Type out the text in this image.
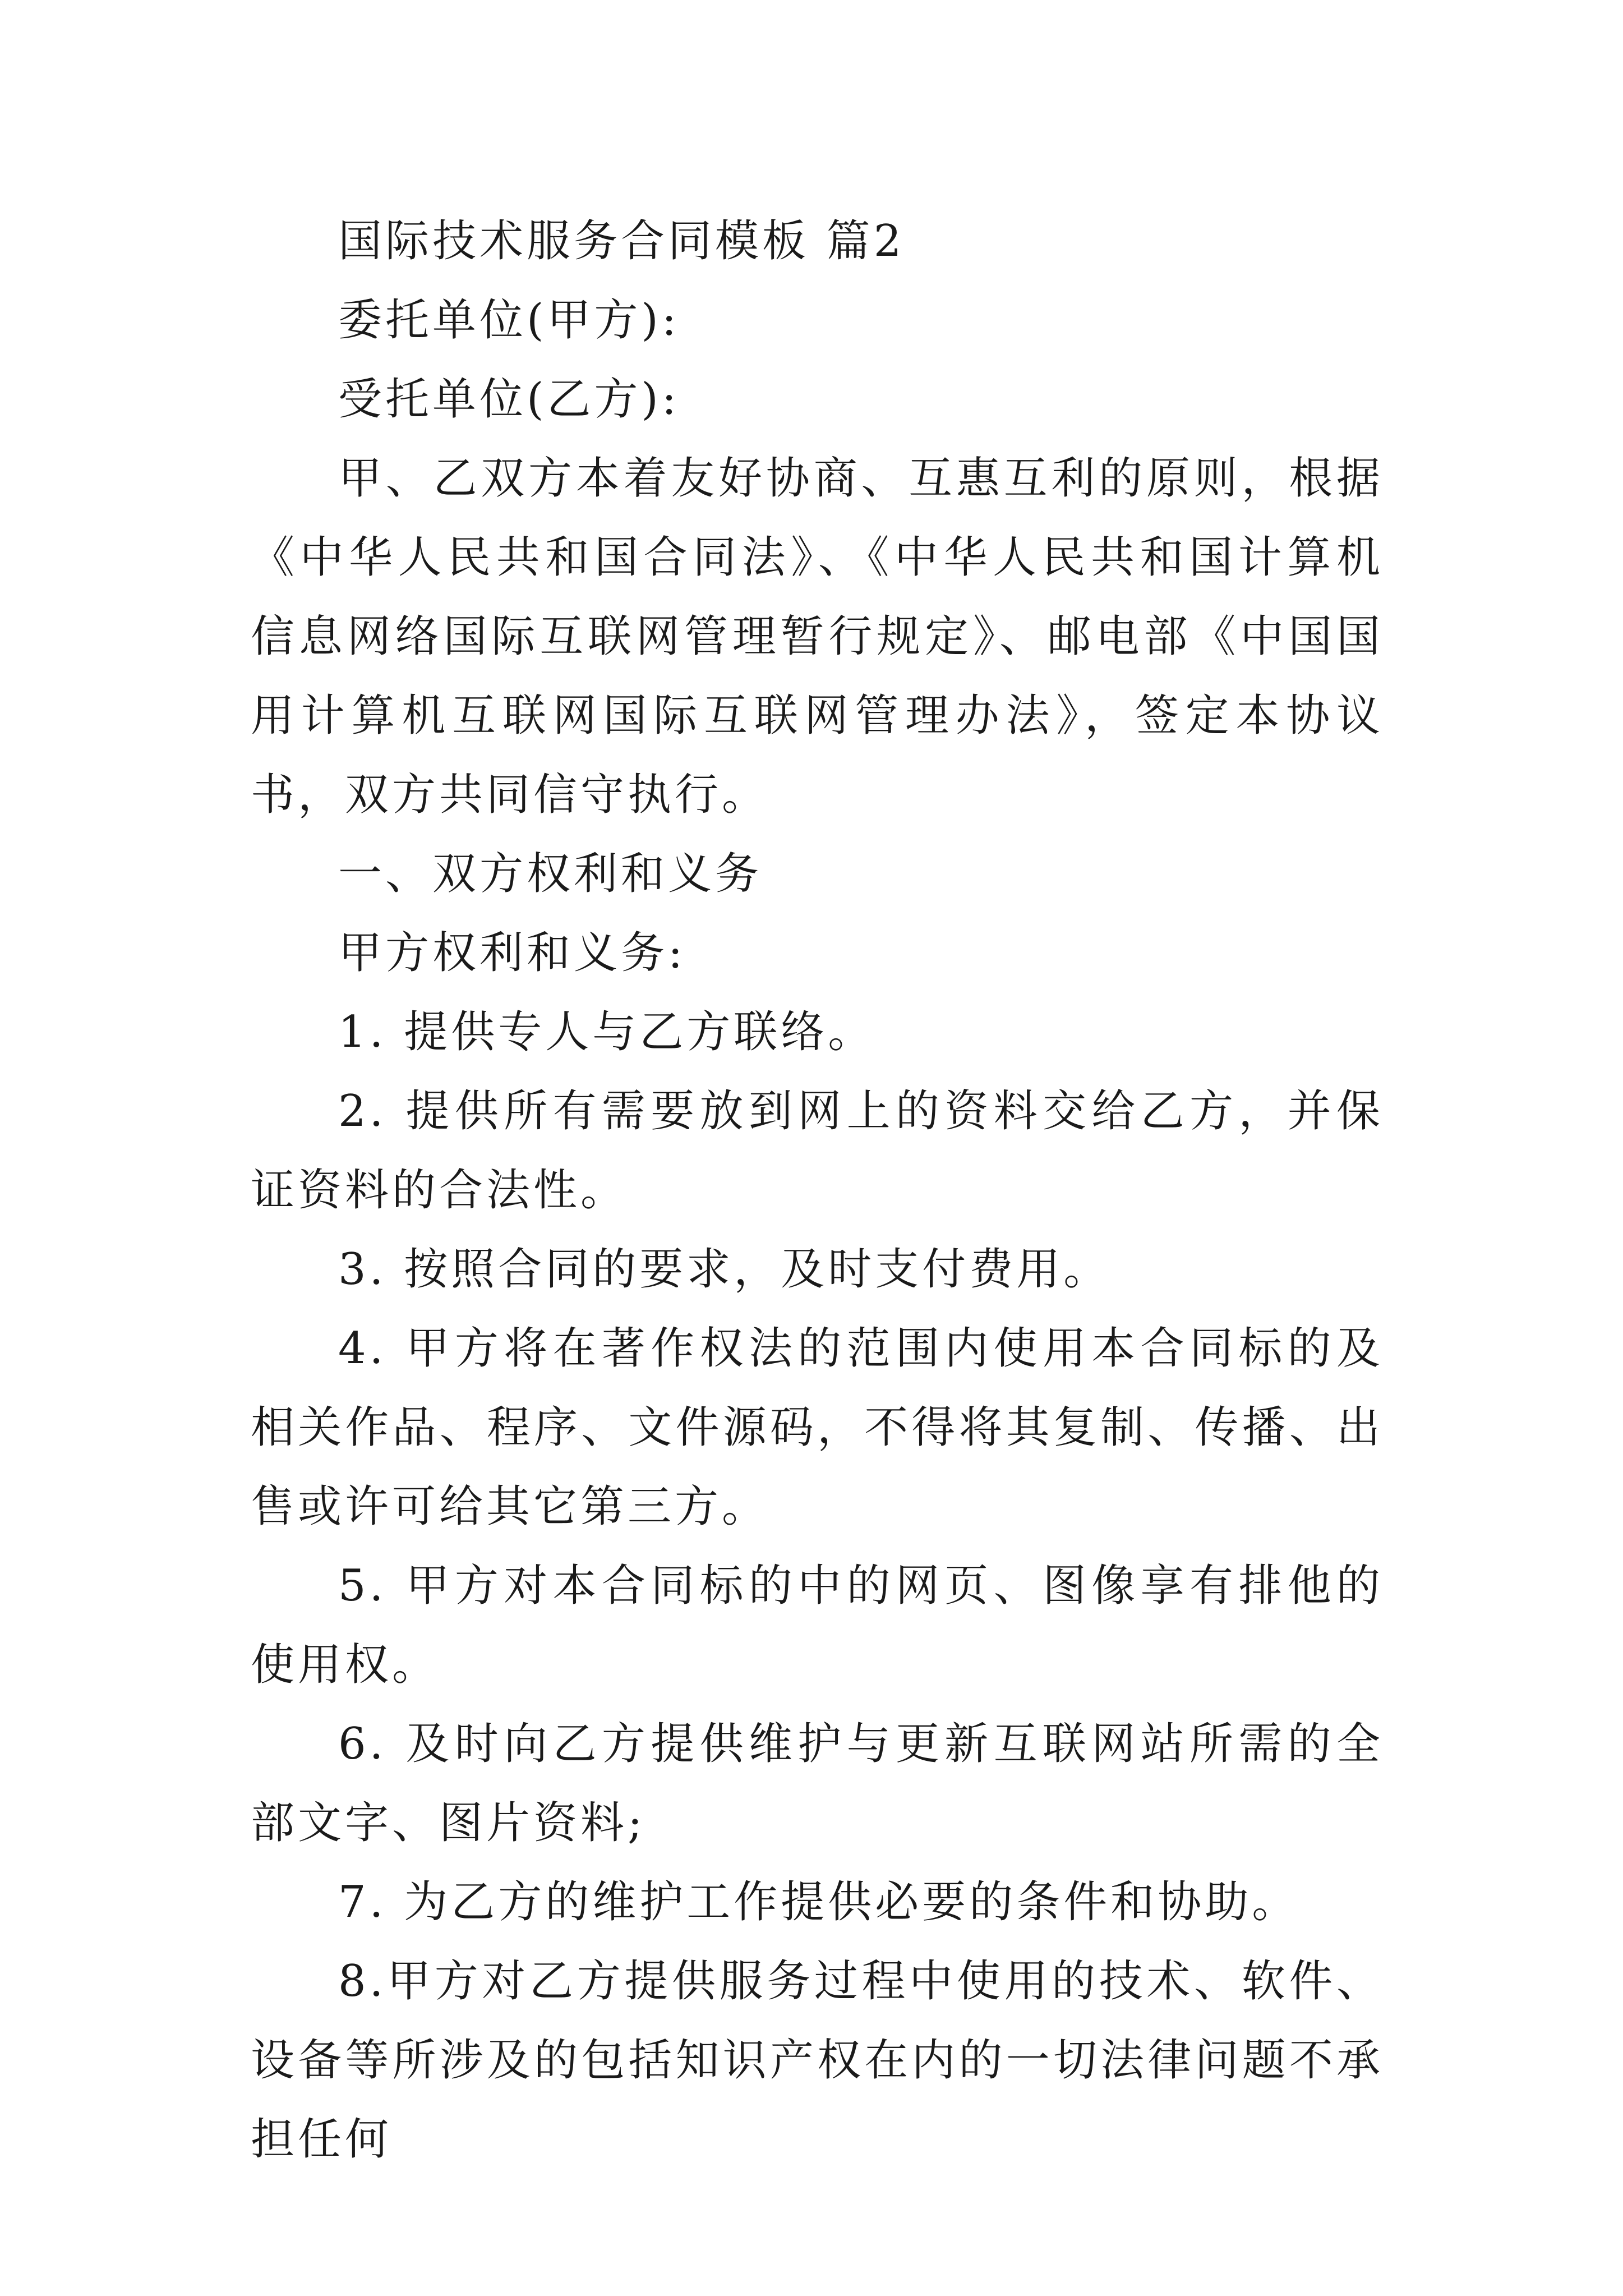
国际技术服务合同模板 篇2

委托单位(甲方):

受托单位(乙方):

甲、乙双方本着友好协商、互惠互利的原则，根据《中华人民共和国合同法》、《中华人民共和国计算机信息网络国际互联网管理暂行规定》、邮电部《中国国用计算机互联网国际互联网管理办法》，签定本协议书，双方共同信守执行。

一、双方权利和义务

甲方权利和义务:

1. 提供专人与乙方联络。

2. 提供所有需要放到网上的资料交给乙方，并保证资料的合法性。

3. 按照合同的要求，及时支付费用。

4. 甲方将在著作权法的范围内使用本合同标的及相关作品、程序、文件源码，不得将其复制、传播、出售或许可给其它第三方。

5. 甲方对本合同标的中的网页、图像享有排他的使用权。

6. 及时向乙方提供维护与更新互联网站所需的全部文字、图片资料;

7. 为乙方的维护工作提供必要的条件和协助。

8.甲方对乙方提供服务过程中使用的技术、软件、设备等所涉及的包括知识产权在内的一切法律问题不承担任何
